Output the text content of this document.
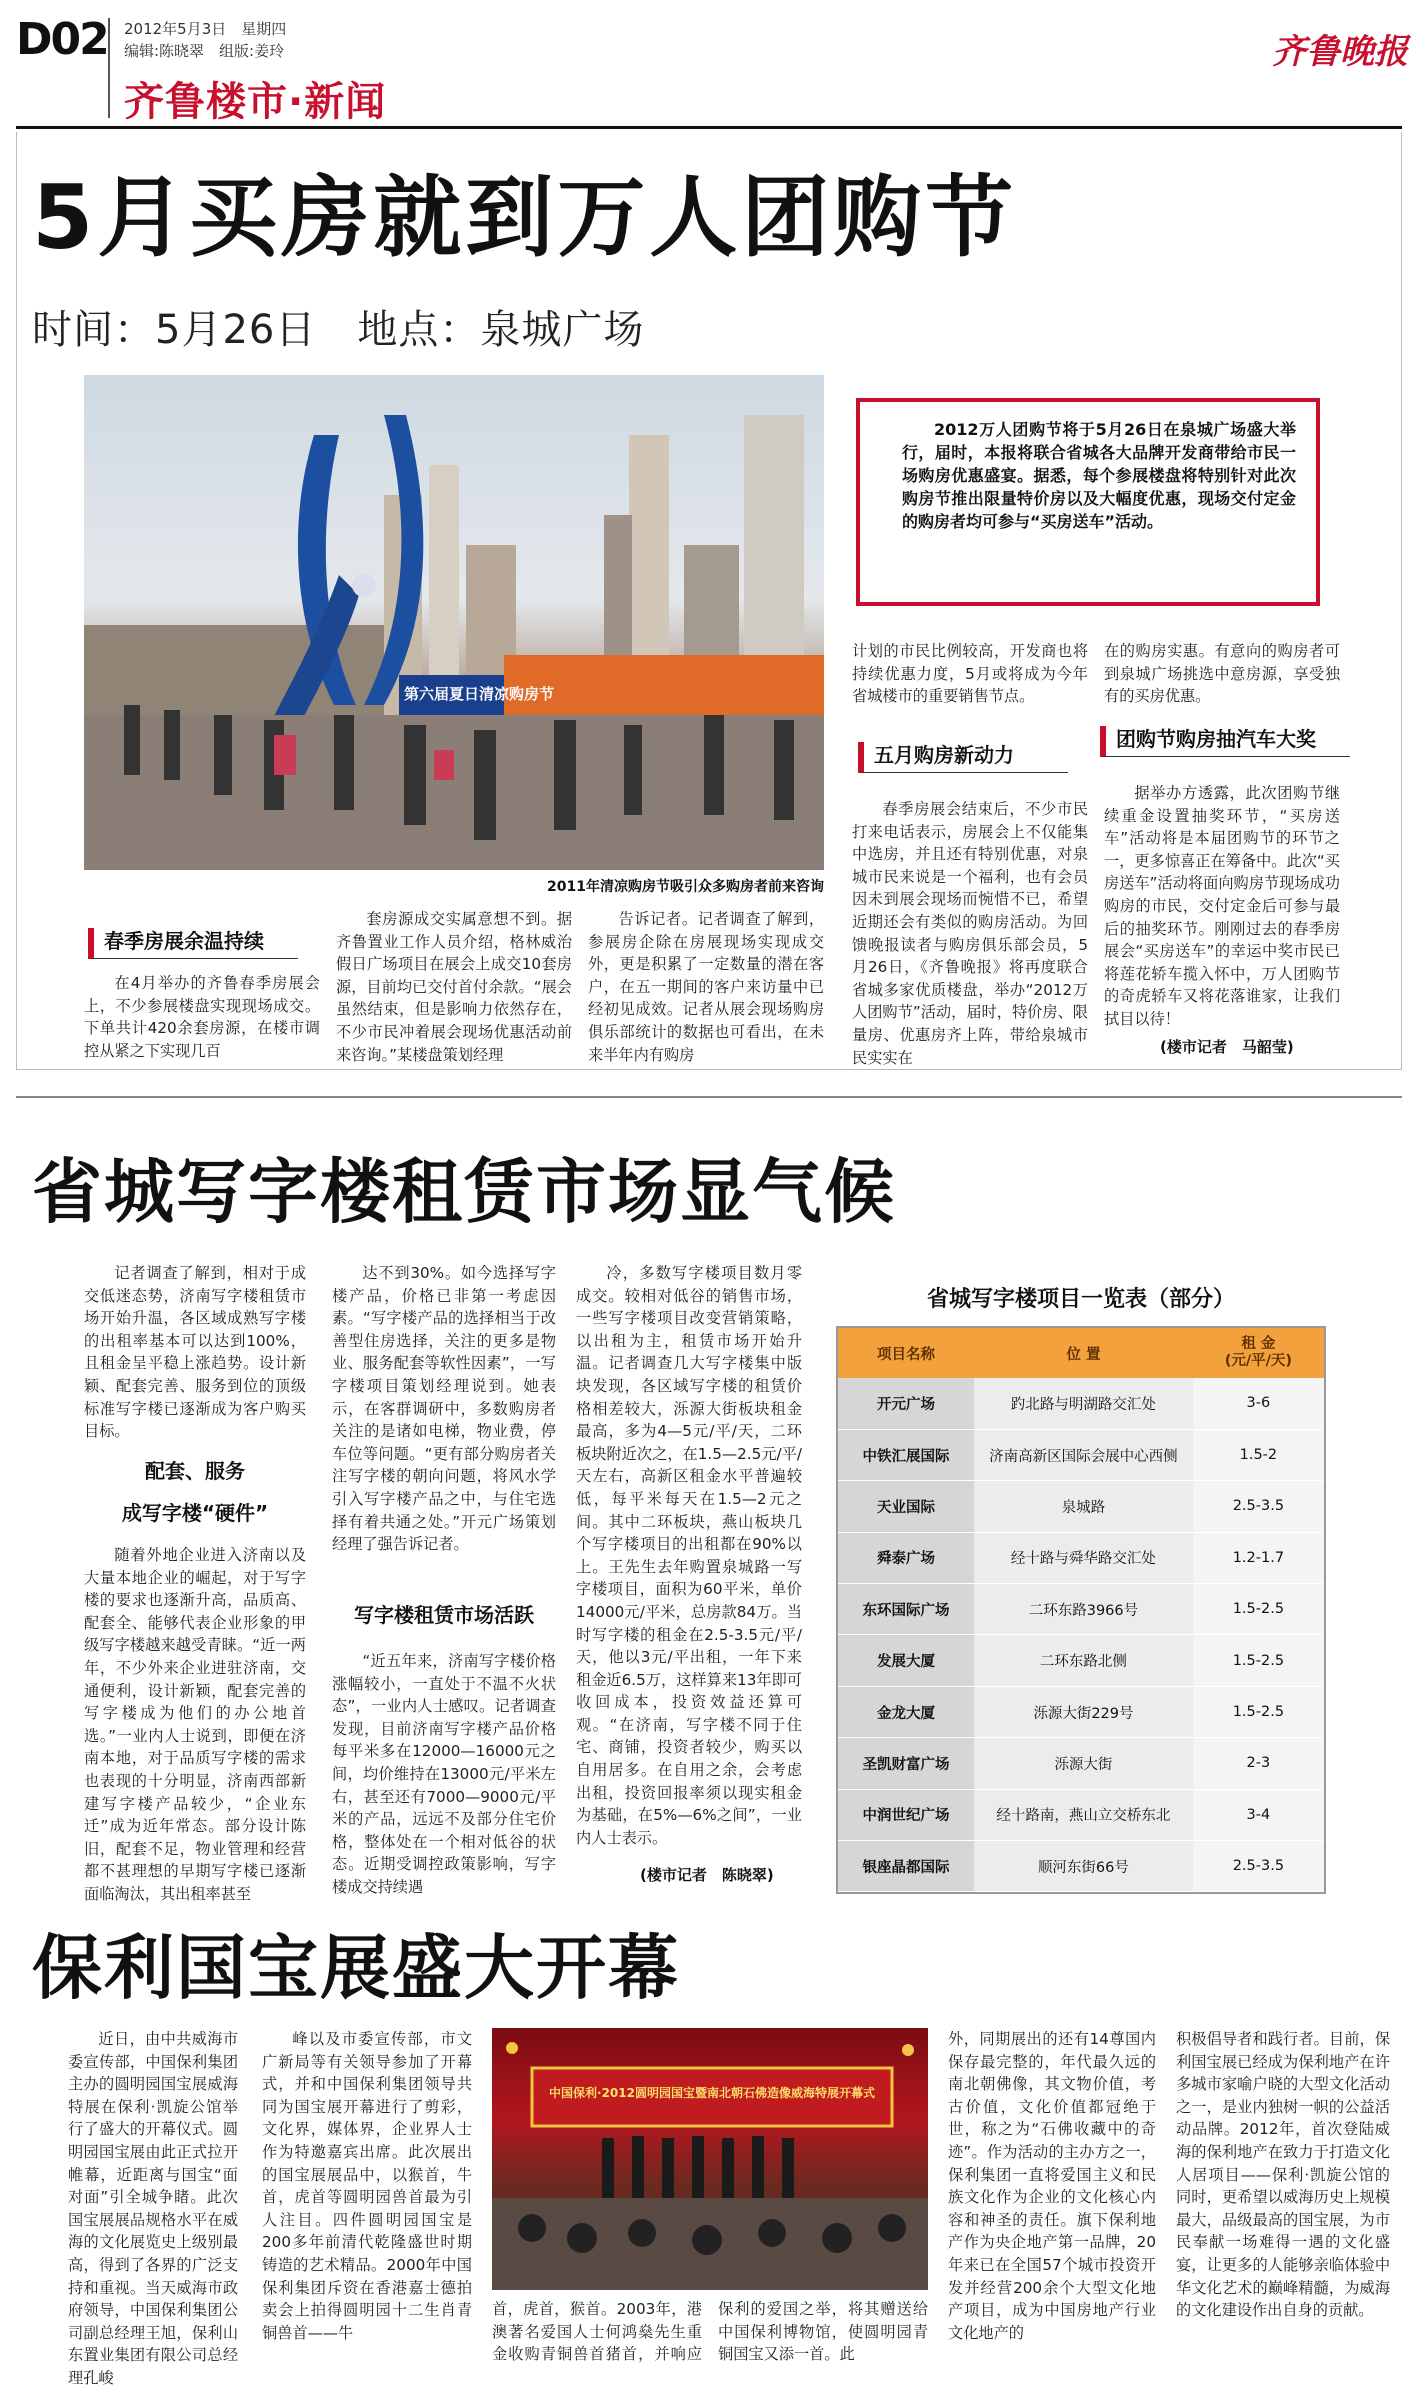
D02 2012年5月3日　星期四
编辑:陈晓翠　组版:姜玲
齐鲁楼市·新闻
齐鲁晚报
5月买房就到万人团购节
时间：5月26日　地点：泉城广场
第六届夏日清凉购房节
2011年清凉购房节吸引众多购房者前来咨询
2012万人团购节将于5月26日在泉城广场盛大举行，届时，本报将联合省城各大品牌开发商带给市民一场购房优惠盛宴。据悉，每个参展楼盘将特别针对此次购房节推出限量特价房以及大幅度优惠，现场交付定金的购房者均可参与“买房送车”活动。
春季房展余温持续
五月购房新动力
团购节购房抽汽车大奖

在4月举办的齐鲁春季房展会上，不少参展楼盘实现现场成交。下单共计420余套房源，在楼市调控从紧之下实现几百

套房源成交实属意想不到。据齐鲁置业工作人员介绍，格林威治假日广场项目在展会上成交10套房源，目前均已交付首付余款。“展会虽然结束，但是影响力依然存在，不少市民冲着展会现场优惠活动前来咨询。”某楼盘策划经理

告诉记者。记者调查了解到，参展房企除在房展现场实现成交外，更是积累了一定数量的潜在客户，在五一期间的客户来访量中已经初见成效。记者从展会现场购房俱乐部统计的数据也可看出，在未来半年内有购房

计划的市民比例较高，开发商也将持续优惠力度，5月或将成为今年省城楼市的重要销售节点。

春季房展会结束后，不少市民打来电话表示，房展会上不仅能集中选房，并且还有特别优惠，对泉城市民来说是一个福利，也有会员因未到展会现场而惋惜不已，希望近期还会有类似的购房活动。为回馈晚报读者与购房俱乐部会员，5月26日，《齐鲁晚报》将再度联合省城多家优质楼盘，举办“2012万人团购节”活动，届时，特价房、限量房、优惠房齐上阵，带给泉城市民实实在

在的购房实惠。有意向的购房者可到泉城广场挑选中意房源，享受独有的买房优惠。

据举办方透露，此次团购节继续重金设置抽奖环节，“买房送车”活动将是本届团购节的环节之一，更多惊喜正在筹备中。此次“买房送车”活动将面向购房节现场成功购房的市民，交付定金后可参与最后的抽奖环节。刚刚过去的春季房展会“买房送车”的幸运中奖市民已将莲花轿车揽入怀中，万人团购节的奇虎轿车又将花落谁家，让我们拭目以待！

(楼市记者　马韶莹)
省城写字楼租赁市场显气候

记者调查了解到，相对于成交低迷态势，济南写字楼租赁市场开始升温，各区域成熟写字楼的出租率基本可以达到100%，且租金呈平稳上涨趋势。设计新颖、配套完善、服务到位的顶级标准写字楼已逐渐成为客户购买目标。

配套、服务
成写字楼“硬件”

随着外地企业进入济南以及大量本地企业的崛起，对于写字楼的要求也逐渐升高，品质高、配套全、能够代表企业形象的甲级写字楼越来越受青睐。“近一两年，不少外来企业进驻济南，交通便利，设计新颖，配套完善的写字楼成为他们的办公地首选。”一业内人士说到，即便在济南本地，对于品质写字楼的需求也表现的十分明显，济南西部新建写字楼产品较少，“企业东迁”成为近年常态。部分设计陈旧，配套不足，物业管理和经营都不甚理想的早期写字楼已逐渐面临淘汰，其出租率甚至

达不到30%。如今选择写字楼产品，价格已非第一考虑因素。“写字楼产品的选择相当于改善型住房选择，关注的更多是物业、服务配套等软性因素”，一写字楼项目策划经理说到。她表示，在客群调研中，多数购房者关注的是诸如电梯，物业费，停车位等问题。“更有部分购房者关注写字楼的朝向问题，将风水学引入写字楼产品之中，与住宅选择有着共通之处。”开元广场策划经理了强告诉记者。

写字楼租赁市场活跃

“近五年来，济南写字楼价格涨幅较小，一直处于不温不火状态”，一业内人士感叹。记者调查发现，目前济南写字楼产品价格每平米多在12000—16000元之间，均价维持在13000元/平米左右，甚至还有7000—9000元/平米的产品，远远不及部分住宅价格，整体处在一个相对低谷的状态。近期受调控政策影响，写字楼成交持续遇

冷，多数写字楼项目数月零成交。较相对低谷的销售市场，一些写字楼项目改变营销策略，以出租为主，租赁市场开始升温。记者调查几大写字楼集中版块发现，各区域写字楼的租赁价格相差较大，泺源大街板块租金最高，多为4—5元/平/天，二环板块附近次之，在1.5—2.5元/平/天左右，高新区租金水平普遍较低，每平米每天在1.5—2元之间。其中二环板块，燕山板块几个写字楼项目的出租都在90%以上。王先生去年购置泉城路一写字楼项目，面积为60平米，单价14000元/平米，总房款84万。当时写字楼的租金在2.5-3.5元/平/天，他以3元/平出租，一年下来租金近6.5万，这样算来13年即可收回成本，投资效益还算可观。“在济南，写字楼不同于住宅、商铺，投资者较少，购买以自用居多。在自用之余，会考虑出租，投资回报率须以现实租金为基础，在5%—6%之间”，一业内人士表示。

(楼市记者　陈晓翠)
省城写字楼项目一览表（部分）
项目名称	位 置
租 金
(元/平/天)
开元广场	趵北路与明湖路交汇处	3-6
中铁汇展国际	济南高新区国际会展中心西侧	1.5-2
天业国际	泉城路	2.5-3.5
舜泰广场	经十路与舜华路交汇处	1.2-1.7
东环国际广场	二环东路3966号	1.5-2.5
发展大厦	二环东路北侧	1.5-2.5
金龙大厦	泺源大街229号	1.5-2.5
圣凯财富广场	泺源大街	2-3
中润世纪广场	经十路南，燕山立交桥东北	3-4
银座晶都国际	顺河东街66号	2.5-3.5
保利国宝展盛大开幕

近日，由中共威海市委宣传部，中国保利集团主办的圆明园国宝展威海特展在保利·凯旋公馆举行了盛大的开幕仪式。圆明园国宝展由此正式拉开帷幕，近距离与国宝“面对面”引全城争睹。此次国宝展展品规格水平在威海的文化展览史上级别最高，得到了各界的广泛支持和重视。当天威海市政府领导，中国保利集团公司副总经理王旭，保利山东置业集团有限公司总经理孔峻

峰以及市委宣传部，市文广新局等有关领导参加了开幕式，并和中国保利集团领导共同为国宝展开幕进行了剪彩，文化界，媒体界，企业界人士作为特邀嘉宾出席。此次展出的国宝展展品中，以猴首，牛首，虎首等圆明园兽首最为引人注目。四件圆明园国宝是200多年前清代乾隆盛世时期铸造的艺术精品。2000年中国保利集团斥资在香港嘉士德拍卖会上拍得圆明园十二生肖青铜兽首——牛

中国保利·2012圆明园国宝暨南北朝石佛造像威海特展开幕式
首，虎首，猴首。2003年，港澳著名爱国人士何鸿燊先生重金收购青铜兽首猪首，并响应保利的爱国之举，将其赠送给中国保利博物馆，使圆明园青铜国宝又添一首。此
外，同期展出的还有14尊国内保存最完整的，年代最久远的南北朝佛像，其文物价值，考古价值，文化价值都冠绝于世，称之为“石佛收藏中的奇迹”。作为活动的主办方之一，保利集团一直将爱国主义和民族文化作为企业的文化核心内容和神圣的责任。旗下保利地产作为央企地产第一品牌，20年来已在全国57个城市投资开发并经营200余个大型文化地产项目，成为中国房地产行业文化地产的
积极倡导者和践行者。目前，保利国宝展已经成为保利地产在许多城市家喻户晓的大型文化活动之一，是业内独树一帜的公益活动品牌。2012年，首次登陆威海的保利地产在致力于打造文化人居项目——保利·凯旋公馆的同时，更希望以威海历史上规模最大，品级最高的国宝展，为市民奉献一场难得一遇的文化盛宴，让更多的人能够亲临体验中华文化艺术的巅峰精髓，为威海的文化建设作出自身的贡献。
